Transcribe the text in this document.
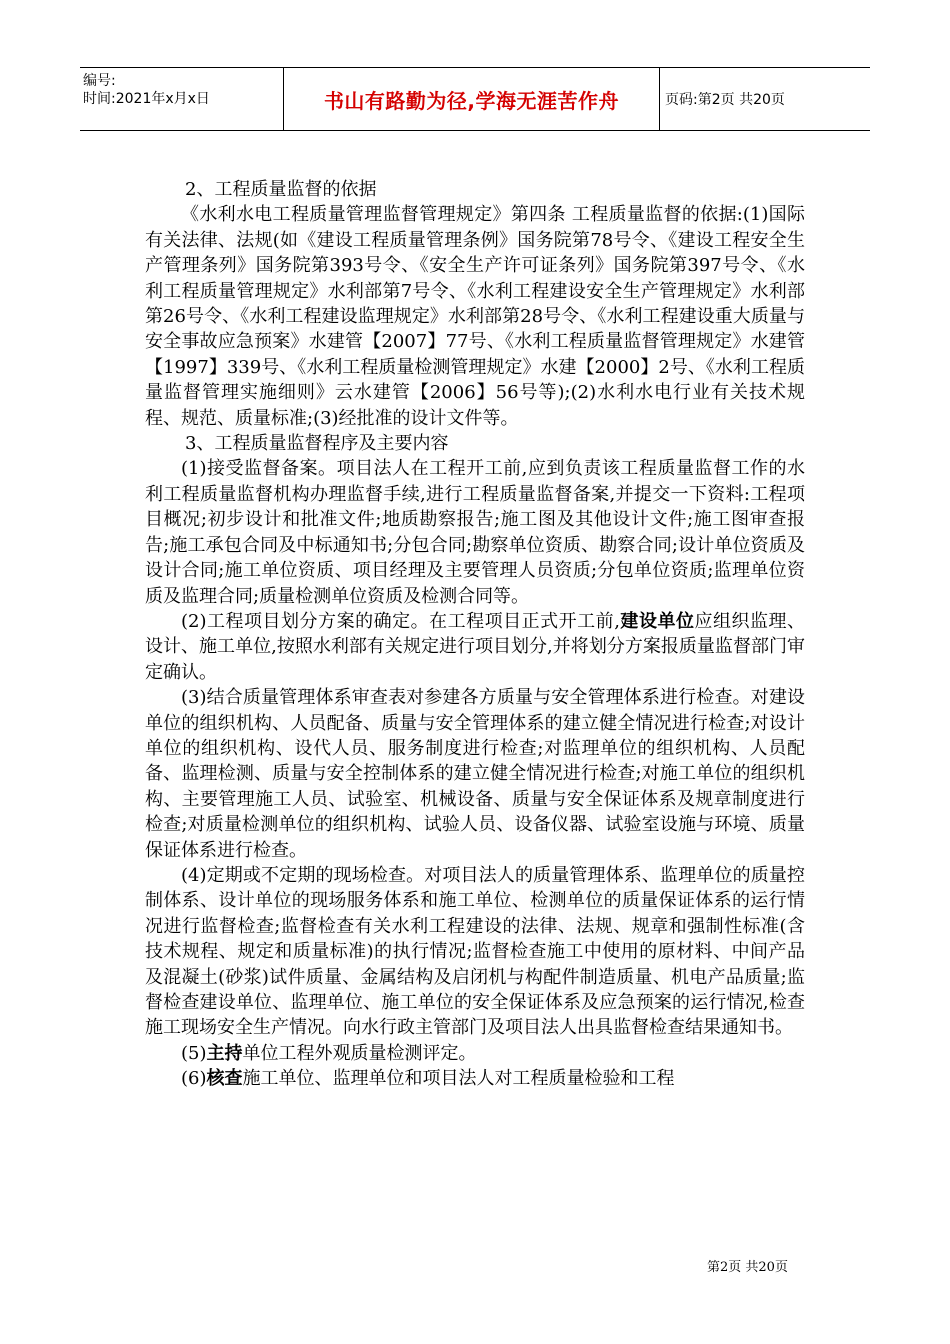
编号:
时间:2021年x月x日	书山有路勤为径,学海无涯苦作舟	页码:第2页 共20页

2、工程质量监督的依据

《水利水电工程质量管理监督管理规定》第四条 工程质量监督的依据:(1)国际有关法律、法规(如《建设工程质量管理条例》国务院第78号令、《建设工程安全生产管理条列》国务院第393号令、《安全生产许可证条列》国务院第397号令、《水利工程质量管理规定》水利部第7号令、《水利工程建设安全生产管理规定》水利部第26号令、《水利工程建设监理规定》水利部第28号令、《水利工程建设重大质量与安全事故应急预案》水建管【2007】77号、《水利工程质量监督管理规定》水建管【1997】339号、《水利工程质量检测管理规定》水建【2000】2号、《水利工程质量监督管理实施细则》云水建管【2006】56号等);(2)水利水电行业有关技术规程、规范、质量标准;(3)经批准的设计文件等。

3、工程质量监督程序及主要内容

(1)接受监督备案。项目法人在工程开工前,应到负责该工程质量监督工作的水利工程质量监督机构办理监督手续,进行工程质量监督备案,并提交一下资料:工程项目概况;初步设计和批准文件;地质勘察报告;施工图及其他设计文件;施工图审查报告;施工承包合同及中标通知书;分包合同;勘察单位资质、勘察合同;设计单位资质及设计合同;施工单位资质、项目经理及主要管理人员资质;分包单位资质;监理单位资质及监理合同;质量检测单位资质及检测合同等。

(2)工程项目划分方案的确定。在工程项目正式开工前,建设单位应组织监理、设计、施工单位,按照水利部有关规定进行项目划分,并将划分方案报质量监督部门审定确认。

(3)结合质量管理体系审查表对参建各方质量与安全管理体系进行检查。对建设单位的组织机构、人员配备、质量与安全管理体系的建立健全情况进行检查;对设计单位的组织机构、设代人员、服务制度进行检查;对监理单位的组织机构、人员配备、监理检测、质量与安全控制体系的建立健全情况进行检查;对施工单位的组织机构、主要管理施工人员、试验室、机械设备、质量与安全保证体系及规章制度进行检查;对质量检测单位的组织机构、试验人员、设备仪器、试验室设施与环境、质量保证体系进行检查。

(4)定期或不定期的现场检查。对项目法人的质量管理体系、监理单位的质量控制体系、设计单位的现场服务体系和施工单位、检测单位的质量保证体系的运行情况进行监督检查;监督检查有关水利工程建设的法律、法规、规章和强制性标准(含技术规程、规定和质量标准)的执行情况;监督检查施工中使用的原材料、中间产品及混凝土(砂浆)试件质量、金属结构及启闭机与构配件制造质量、机电产品质量;监督检查建设单位、监理单位、施工单位的安全保证体系及应急预案的运行情况,检查施工现场安全生产情况。向水行政主管部门及项目法人出具监督检查结果通知书。

(5)主持单位工程外观质量检测评定。

(6)核查施工单位、监理单位和项目法人对工程质量检验和工程

第2页 共20页
